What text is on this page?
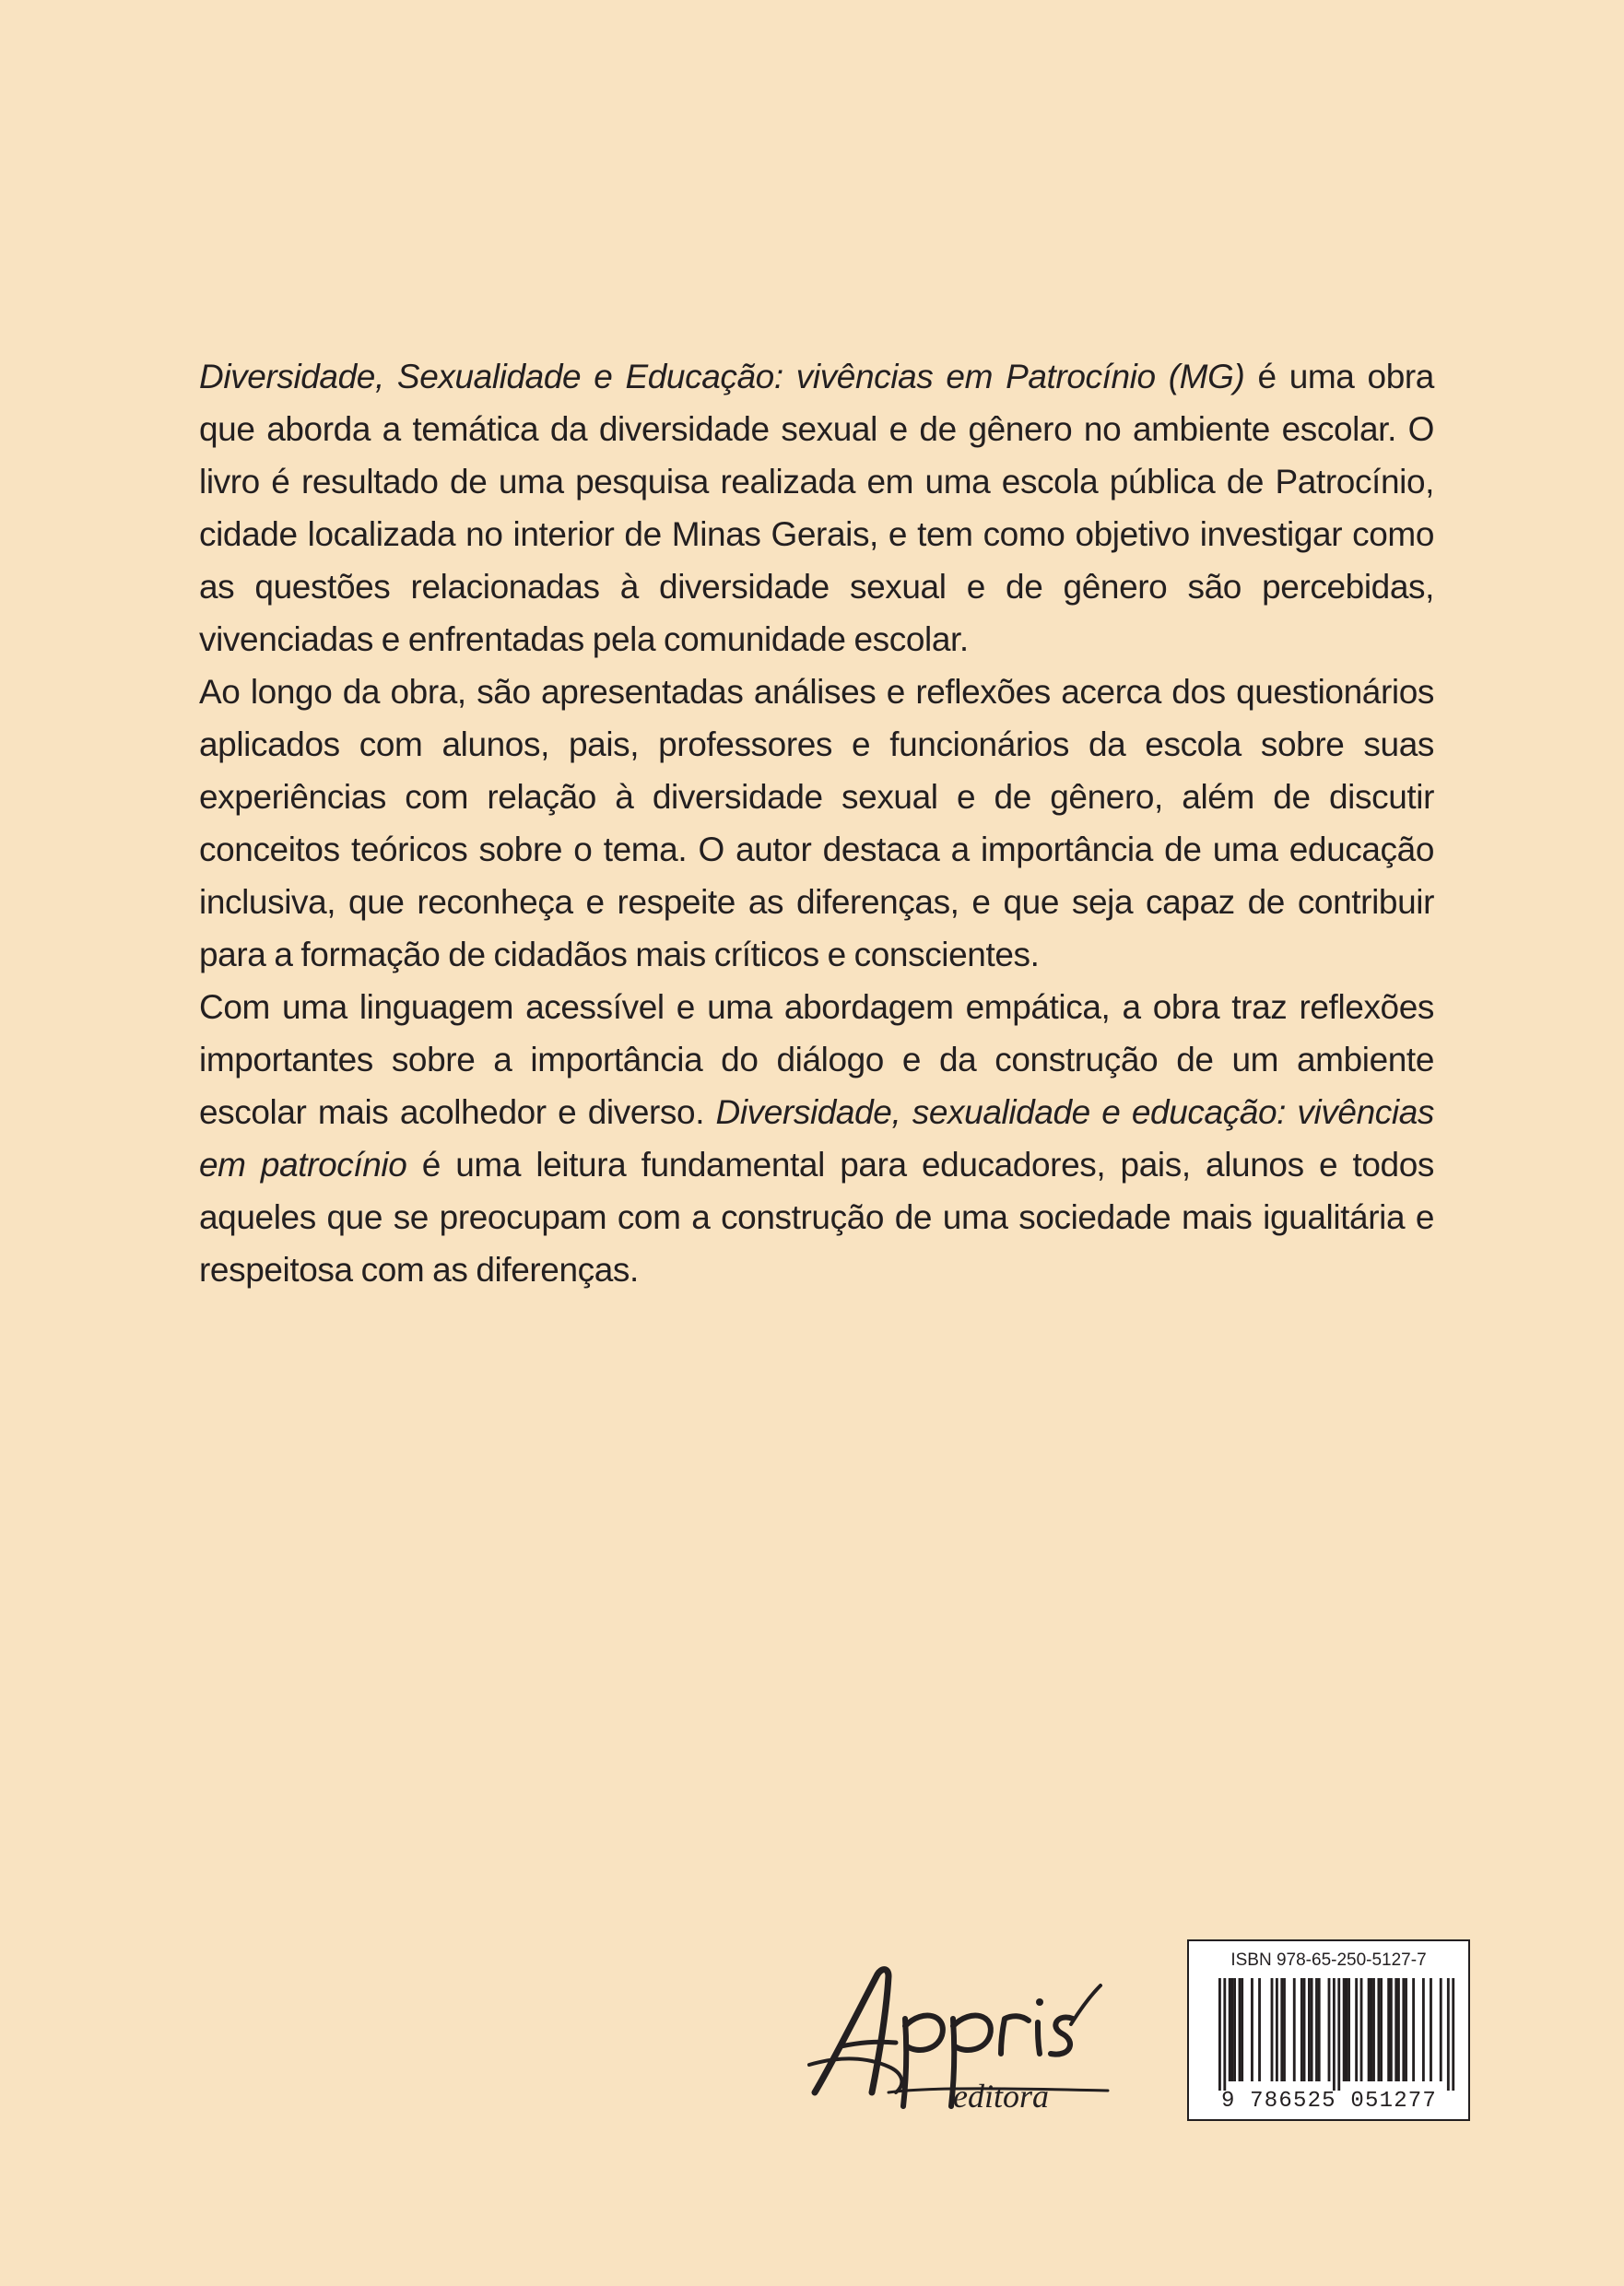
Diversidade, Sexualidade e Educação: vivências em Patrocínio (MG) é uma obra que aborda a temática da diversidade sexual e de gênero no ambiente escolar. O livro é resultado de uma pesquisa realizada em uma escola pública de Patrocínio, cidade localizada no interior de Minas Gerais, e tem como objetivo investigar como as questões relacionadas à diversidade sexual e de gênero são percebidas, vivenciadas e enfrentadas pela comunidade escolar.

Ao longo da obra, são apresentadas análises e reflexões acerca dos questionários aplicados com alunos, pais, professores e funcionários da escola sobre suas experiências com relação à diversidade sexual e de gênero, além de discutir conceitos teóricos sobre o tema. O autor destaca a importância de uma educação inclusiva, que reconheça e respeite as diferenças, e que seja capaz de contribuir para a formação de cidadãos mais críticos e conscientes.

Com uma linguagem acessível e uma abordagem empática, a obra traz reflexões importantes sobre a importância do diálogo e da construção de um ambiente escolar mais acolhedor e diverso. Diversidade, sexualidade e educação: vivências em patrocínio é uma leitura fundamental para educadores, pais, alunos e todos aqueles que se preocupam com a construção de uma sociedade mais igualitária e respeitosa com as diferenças.

editora
ISBN 978-65-250-5127-7
9 786525 051277
